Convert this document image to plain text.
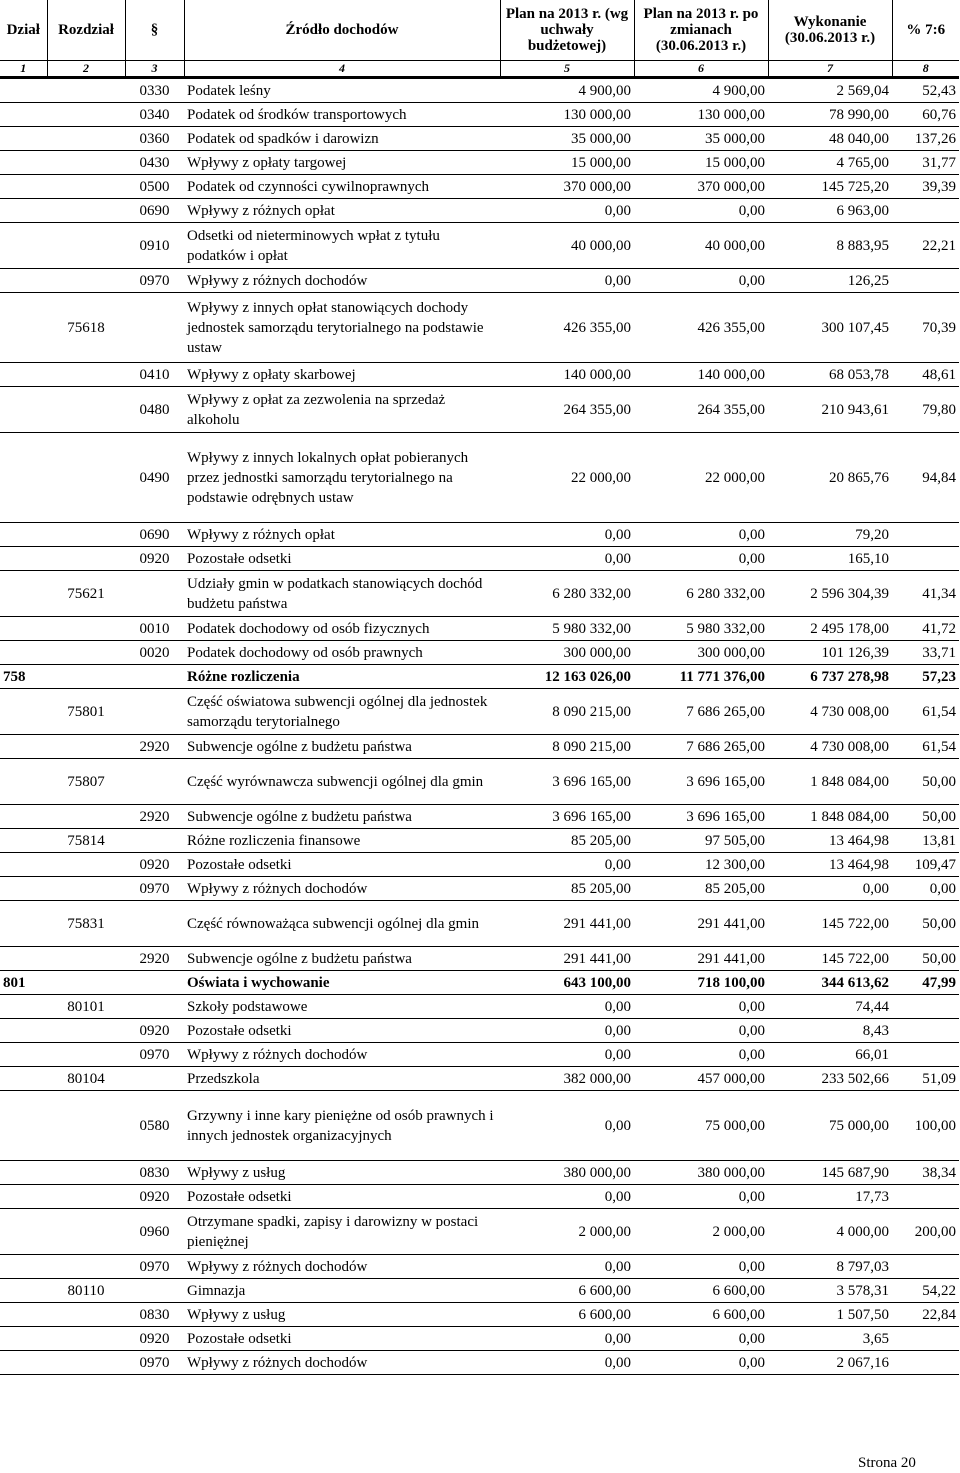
Dział	Rozdział	§	Źródło dochodów	Plan na 2013 r. (wg uchwały budżetowej)	Plan na 2013 r. po zmianach (30.06.2013 r.)	Wykonanie (30.06.2013 r.)	% 7:6
1	2	3	4	5	6	7	8
		0330	Podatek leśny	4 900,00	4 900,00	2 569,04	52,43
		0340	Podatek od środków transportowych	130 000,00	130 000,00	78 990,00	60,76
		0360	Podatek od spadków i darowizn	35 000,00	35 000,00	48 040,00	137,26
		0430	Wpływy z opłaty targowej	15 000,00	15 000,00	4 765,00	31,77
		0500	Podatek od czynności cywilnoprawnych	370 000,00	370 000,00	145 725,20	39,39
		0690	Wpływy z różnych opłat	0,00	0,00	6 963,00	
		0910	Odsetki od nieterminowych wpłat z tytułu podatków i opłat	40 000,00	40 000,00	8 883,95	22,21
		0970	Wpływy z różnych dochodów	0,00	0,00	126,25	
	75618		Wpływy z innych opłat stanowiących dochody jednostek samorządu terytorialnego na podstawie ustaw	426 355,00	426 355,00	300 107,45	70,39
		0410	Wpływy z opłaty skarbowej	140 000,00	140 000,00	68 053,78	48,61
		0480	Wpływy z opłat za zezwolenia na sprzedaż alkoholu	264 355,00	264 355,00	210 943,61	79,80
		0490	Wpływy z innych lokalnych opłat pobieranych przez jednostki samorządu terytorialnego na podstawie odrębnych ustaw	22 000,00	22 000,00	20 865,76	94,84
		0690	Wpływy z różnych opłat	0,00	0,00	79,20	
		0920	Pozostałe odsetki	0,00	0,00	165,10	
	75621		Udziały gmin w podatkach stanowiących dochód budżetu państwa	6 280 332,00	6 280 332,00	2 596 304,39	41,34
		0010	Podatek dochodowy od osób fizycznych	5 980 332,00	5 980 332,00	2 495 178,00	41,72
		0020	Podatek dochodowy od osób prawnych	300 000,00	300 000,00	101 126,39	33,71
758			Różne rozliczenia	12 163 026,00	11 771 376,00	6 737 278,98	57,23
	75801		Część oświatowa subwencji ogólnej dla jednostek samorządu terytorialnego	8 090 215,00	7 686 265,00	4 730 008,00	61,54
		2920	Subwencje ogólne z budżetu państwa	8 090 215,00	7 686 265,00	4 730 008,00	61,54
	75807		Część wyrównawcza subwencji ogólnej dla gmin	3 696 165,00	3 696 165,00	1 848 084,00	50,00
		2920	Subwencje ogólne z budżetu państwa	3 696 165,00	3 696 165,00	1 848 084,00	50,00
	75814		Różne rozliczenia finansowe	85 205,00	97 505,00	13 464,98	13,81
		0920	Pozostałe odsetki	0,00	12 300,00	13 464,98	109,47
		0970	Wpływy z różnych dochodów	85 205,00	85 205,00	0,00	0,00
	75831		Część równoważąca subwencji ogólnej dla gmin	291 441,00	291 441,00	145 722,00	50,00
		2920	Subwencje ogólne z budżetu państwa	291 441,00	291 441,00	145 722,00	50,00
801			Oświata i wychowanie	643 100,00	718 100,00	344 613,62	47,99
	80101		Szkoły podstawowe	0,00	0,00	74,44	
		0920	Pozostałe odsetki	0,00	0,00	8,43	
		0970	Wpływy z różnych dochodów	0,00	0,00	66,01	
	80104		Przedszkola	382 000,00	457 000,00	233 502,66	51,09
		0580	Grzywny i inne kary pieniężne od osób prawnych i innych jednostek organizacyjnych	0,00	75 000,00	75 000,00	100,00
		0830	Wpływy z usług	380 000,00	380 000,00	145 687,90	38,34
		0920	Pozostałe odsetki	0,00	0,00	17,73	
		0960	Otrzymane spadki, zapisy i darowizny w postaci pieniężnej	2 000,00	2 000,00	4 000,00	200,00
		0970	Wpływy z różnych dochodów	0,00	0,00	8 797,03	
	80110		Gimnazja	6 600,00	6 600,00	3 578,31	54,22
		0830	Wpływy z usług	6 600,00	6 600,00	1 507,50	22,84
		0920	Pozostałe odsetki	0,00	0,00	3,65	
		0970	Wpływy z różnych dochodów	0,00	0,00	2 067,16	
Strona 20
